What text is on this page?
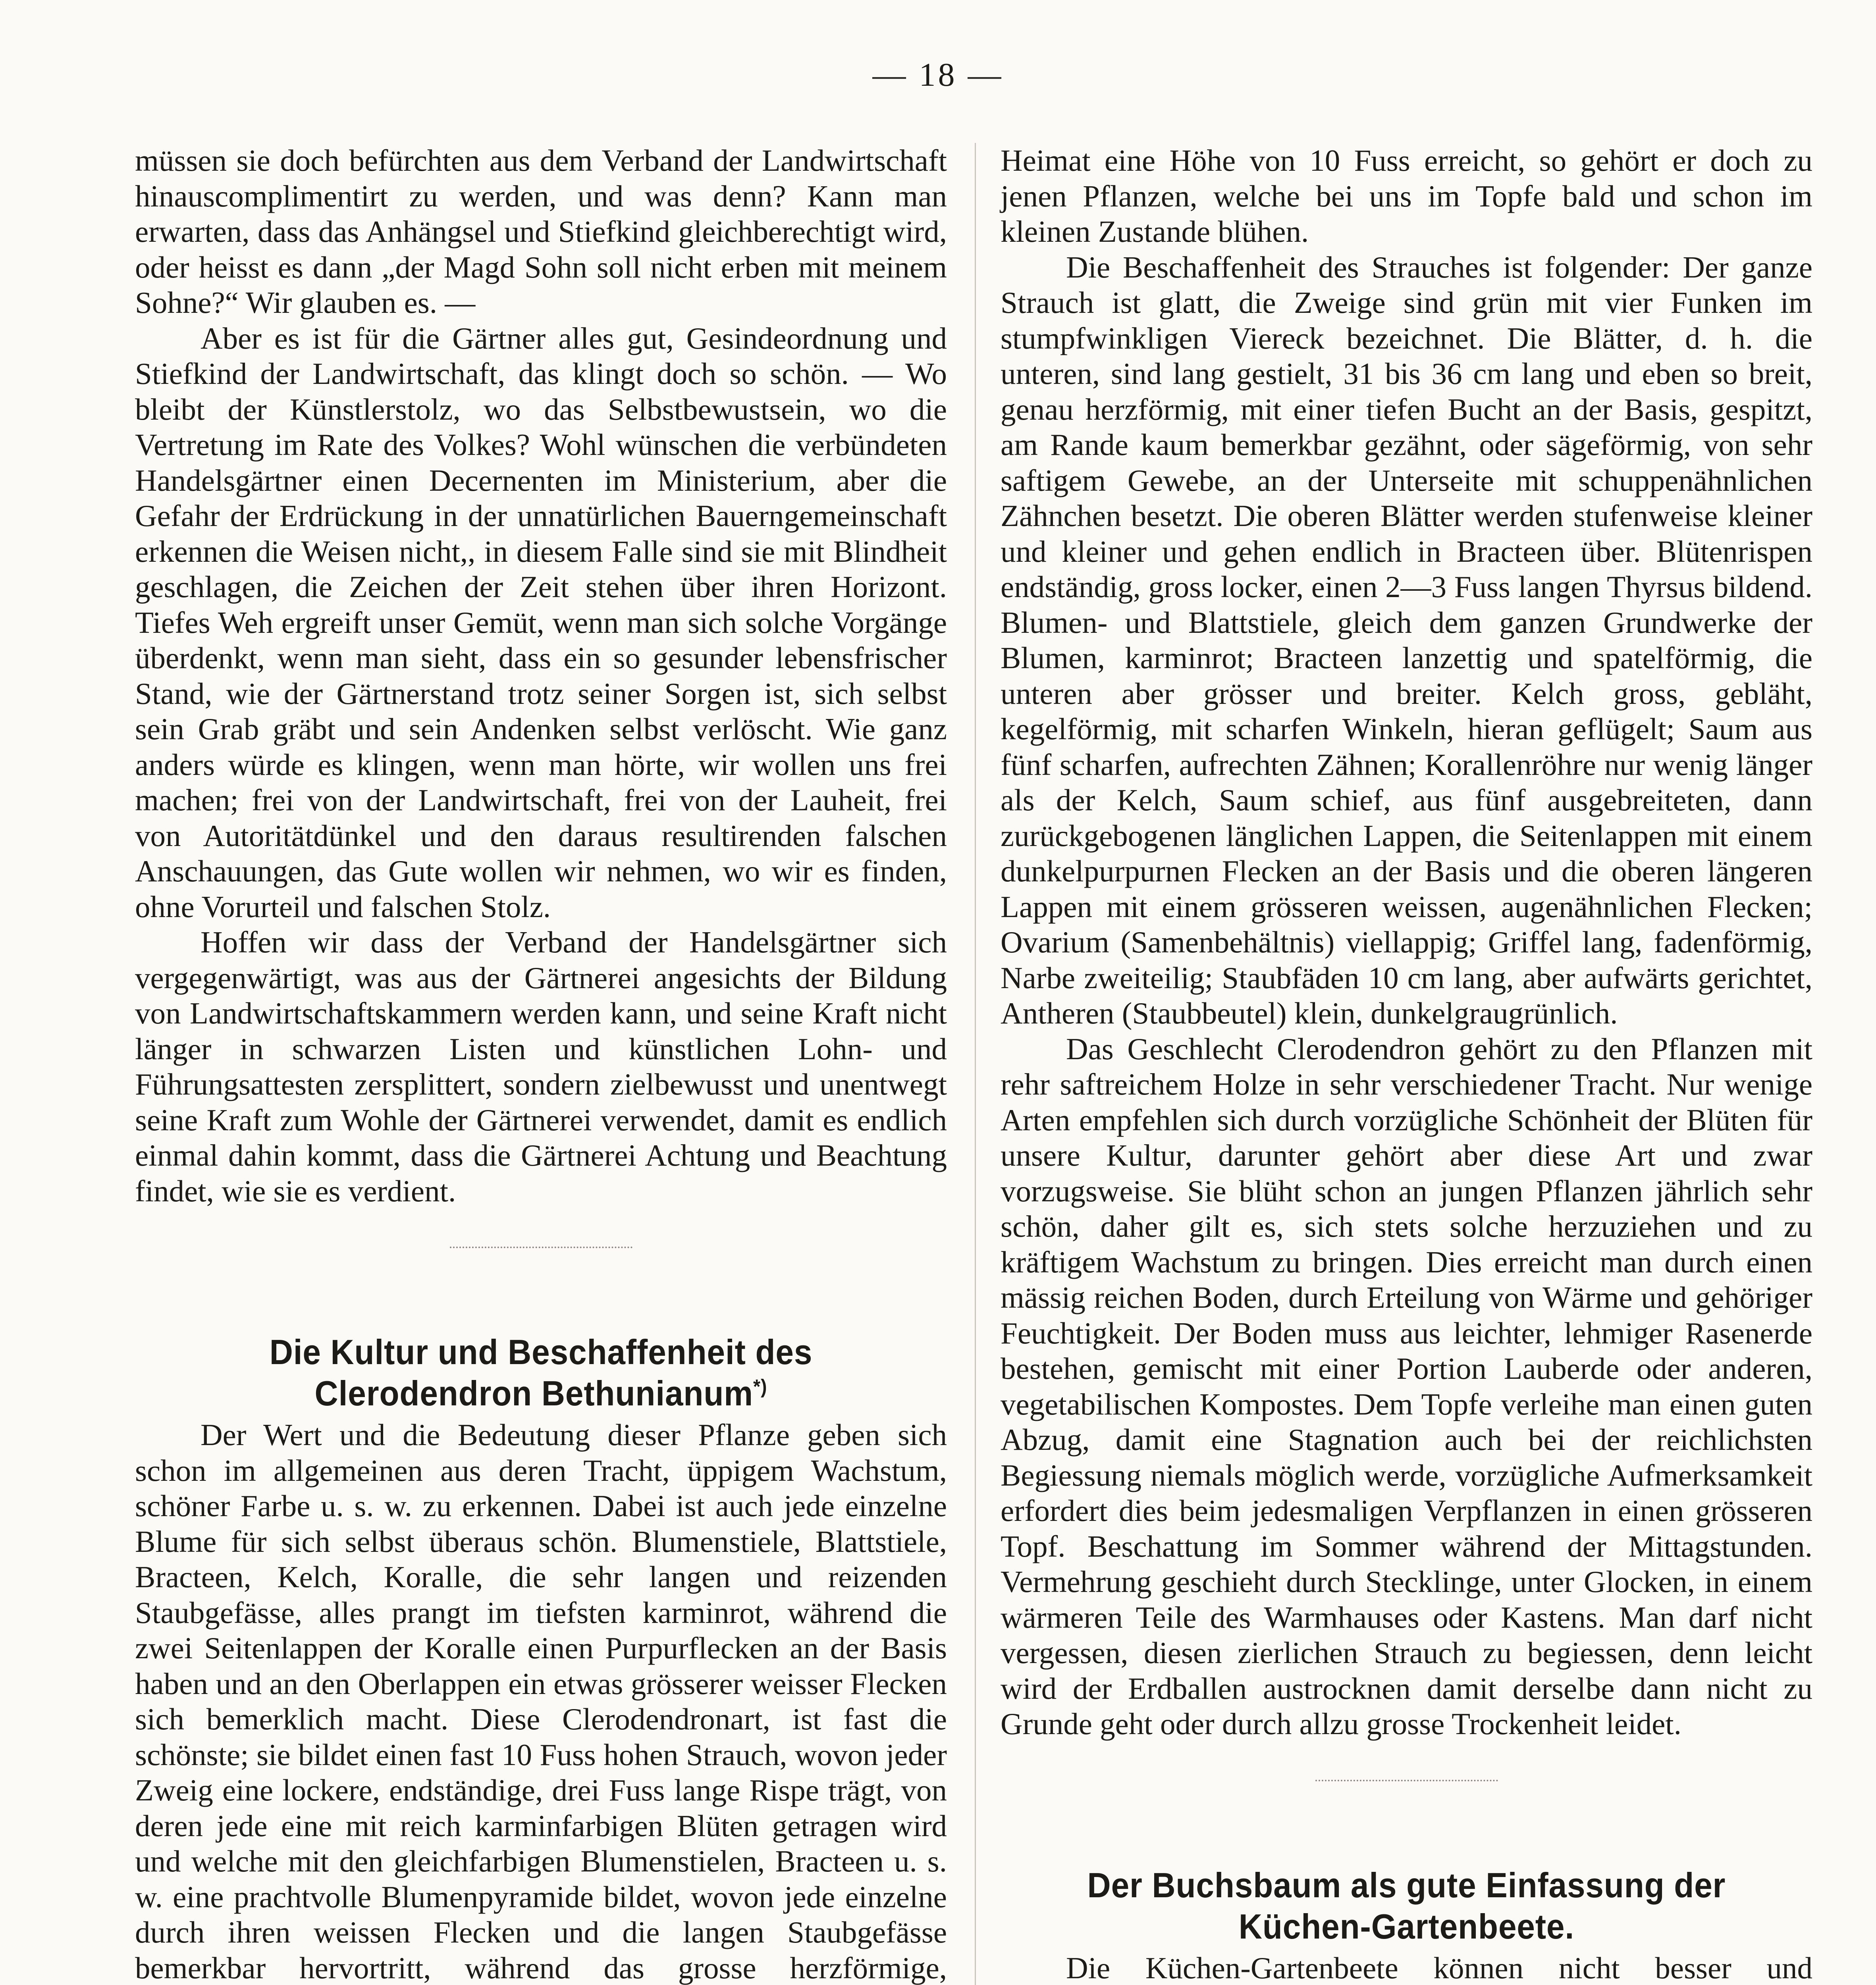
— 18 —

müssen sie doch befürchten aus dem Verband der Landwirtschaft hinauscomplimentirt zu werden, und was denn? Kann man erwarten, dass das Anhängsel und Stiefkind gleichberechtigt wird, oder heisst es dann „der Magd Sohn soll nicht erben mit meinem Sohne?“ Wir glauben es. —

Aber es ist für die Gärtner alles gut, Gesindeordnung und Stiefkind der Landwirtschaft, das klingt doch so schön. — Wo bleibt der Künstlerstolz, wo das Selbstbewustsein, wo die Vertretung im Rate des Volkes? Wohl wünschen die verbündeten Handelsgärtner einen Decernenten im Ministerium, aber die Gefahr der Erdrückung in der unnatürlichen Bauerngemeinschaft erkennen die Weisen nicht,, in diesem Falle sind sie mit Blindheit geschlagen, die Zeichen der Zeit stehen über ihren Horizont. Tiefes Weh ergreift unser Gemüt, wenn man sich solche Vorgänge überdenkt, wenn man sieht, dass ein so gesunder lebensfrischer Stand, wie der Gärtnerstand trotz seiner Sorgen ist, sich selbst sein Grab gräbt und sein Andenken selbst verlöscht. Wie ganz anders würde es klingen, wenn man hörte, wir wollen uns frei machen; frei von der Landwirtschaft, frei von der Lauheit, frei von Autoritätdünkel und den daraus resultirenden falschen Anschauungen, das Gute wollen wir nehmen, wo wir es finden, ohne Vorurteil und falschen Stolz.

Hoffen wir dass der Verband der Handelsgärtner sich vergegenwärtigt, was aus der Gärtnerei angesichts der Bildung von Landwirtschaftskammern werden kann, und seine Kraft nicht länger in schwarzen Listen und künstlichen Lohn- und Führungsattesten zersplittert, sondern zielbewusst und unentwegt seine Kraft zum Wohle der Gärtnerei verwendet, damit es endlich einmal dahin kommt, dass die Gärtnerei Achtung und Beachtung findet, wie sie es verdient.

Die Kultur und Beschaffenheit des Clerodendron Bethunianum*)

Der Wert und die Bedeutung dieser Pflanze geben sich schon im allgemeinen aus deren Tracht, üppigem Wachstum, schöner Farbe u. s. w. zu erkennen. Dabei ist auch jede einzelne Blume für sich selbst überaus schön. Blumenstiele, Blattstiele, Bracteen, Kelch, Koralle, die sehr langen und reizenden Staubgefässe, alles prangt im tiefsten karminrot, während die zwei Seitenlappen der Koralle einen Purpurflecken an der Basis haben und an den Oberlappen ein etwas grösserer weisser Flecken sich bemerklich macht. Diese Clerodendronart, ist fast die schönste; sie bildet einen fast 10 Fuss hohen Strauch, wovon jeder Zweig eine lockere, endständige, drei Fuss lange Rispe trägt, von deren jede eine mit reich karminfarbigen Blüten getragen wird und welche mit den gleichfarbigen Blumenstielen, Bracteen u. s. w. eine prachtvolle Blumenpyramide bildet, wovon jede einzelne durch ihren weissen Flecken und die langen Staubgefässe bemerkbar hervortritt, während das grosse herzförmige,

Heimat eine Höhe von 10 Fuss erreicht, so gehört er doch zu jenen Pflanzen, welche bei uns im Topfe bald und schon im kleinen Zustande blühen.

Die Beschaffenheit des Strauches ist folgender: Der ganze Strauch ist glatt, die Zweige sind grün mit vier Funken im stumpfwinkligen Viereck bezeichnet. Die Blätter, d. h. die unteren, sind lang gestielt, 31 bis 36 cm lang und eben so breit, genau herzförmig, mit einer tiefen Bucht an der Basis, gespitzt, am Rande kaum bemerkbar gezähnt, oder sägeförmig, von sehr saftigem Gewebe, an der Unterseite mit schuppenähnlichen Zähnchen besetzt. Die oberen Blätter werden stufenweise kleiner und kleiner und gehen endlich in Bracteen über. Blütenrispen endständig, gross locker, einen 2—3 Fuss langen Thyrsus bildend. Blumen- und Blattstiele, gleich dem ganzen Grundwerke der Blumen, karminrot; Bracteen lanzettig und spatelförmig, die unteren aber grösser und breiter. Kelch gross, gebläht, kegelförmig, mit scharfen Winkeln, hieran geflügelt; Saum aus fünf scharfen, aufrechten Zähnen; Korallenröhre nur wenig länger als der Kelch, Saum schief, aus fünf ausgebreiteten, dann zurückgebogenen länglichen Lappen, die Seitenlappen mit einem dunkelpurpurnen Flecken an der Basis und die oberen längeren Lappen mit einem grösseren weissen, augenähnlichen Flecken; Ovarium (Samenbehältnis) viellappig; Griffel lang, fadenförmig, Narbe zweiteilig; Staubfäden 10 cm lang, aber aufwärts gerichtet, Antheren (Staubbeutel) klein, dunkelgraugrünlich.

Das Geschlecht Clerodendron gehört zu den Pflanzen mit rehr saftreichem Holze in sehr verschiedener Tracht. Nur wenige Arten empfehlen sich durch vorzügliche Schönheit der Blüten für unsere Kultur, darunter gehört aber diese Art und zwar vorzugsweise. Sie blüht schon an jungen Pflanzen jährlich sehr schön, daher gilt es, sich stets solche herzuziehen und zu kräftigem Wachstum zu bringen. Dies erreicht man durch einen mässig reichen Boden, durch Erteilung von Wärme und gehöriger Feuchtigkeit. Der Boden muss aus leichter, lehmiger Rasenerde bestehen, gemischt mit einer Portion Lauberde oder anderen, vegetabilischen Kompostes. Dem Topfe verleihe man einen guten Abzug, damit eine Stagnation auch bei der reichlichsten Begiessung niemals möglich werde, vorzügliche Aufmerksamkeit erfordert dies beim jedesmaligen Verpflanzen in einen grösseren Topf. Beschattung im Sommer während der Mittagstunden. Vermehrung geschieht durch Stecklinge, unter Glocken, in einem wärmeren Teile des Warmhauses oder Kastens. Man darf nicht vergessen, diesen zierlichen Strauch zu begiessen, denn leicht wird der Erdballen austrocknen damit derselbe dann nicht zu Grunde geht oder durch allzu grosse Trockenheit leidet.

Der Buchsbaum als gute Einfassung der Küchen-Gartenbeete.

Die Küchen-Gartenbeete können nicht besser und
